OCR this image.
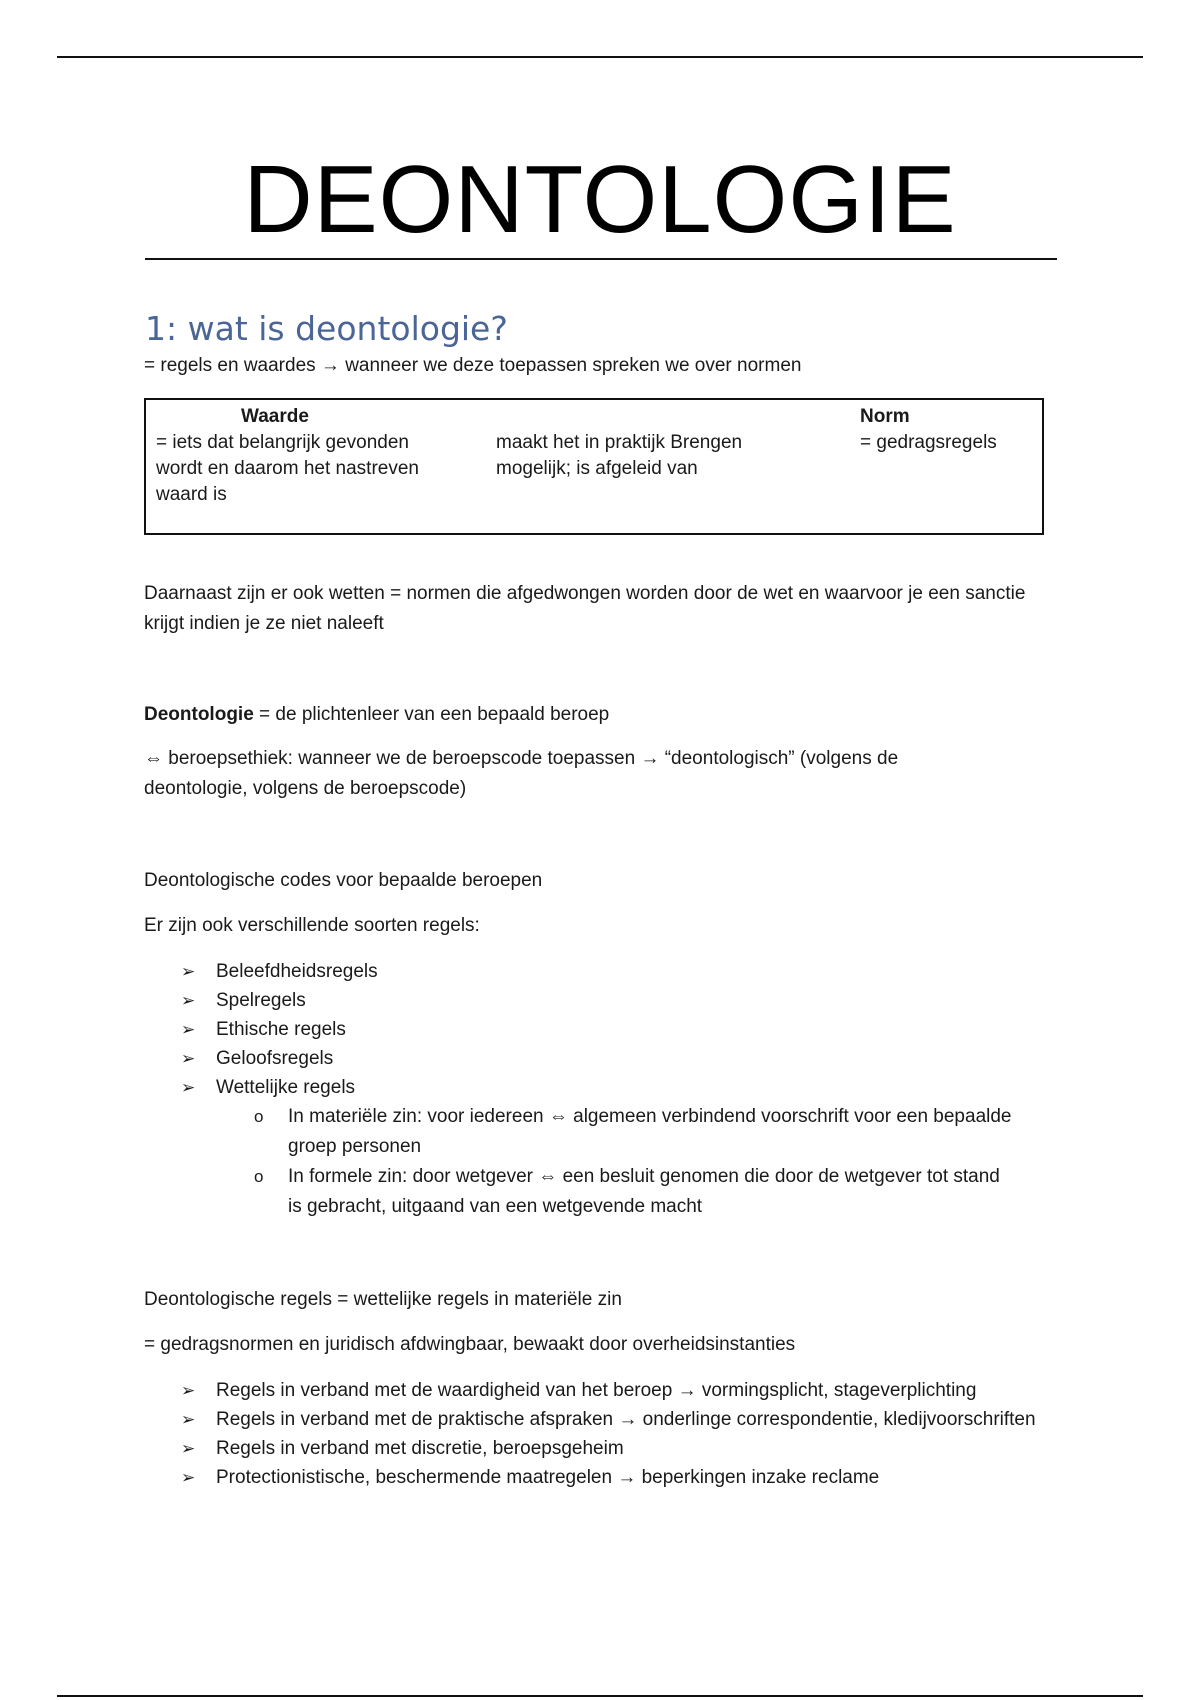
DEONTOLOGIE
1: wat is deontologie?
= regels en waardes → wanneer we deze toepassen spreken we over normen
Waarde
= iets dat belangrijk gevonden wordt en daarom het nastreven waard is
maakt het in praktijk Brengen mogelijk; is afgeleid van
Norm
= gedragsregels
Daarnaast zijn er ook wetten = normen die afgedwongen worden door de wet en waarvoor je een sanctie krijgt indien je ze niet naleeft
Deontologie = de plichtenleer van een bepaald beroep
⇔ beroepsethiek: wanneer we de beroepscode toepassen → “deontologisch” (volgens de deontologie, volgens de beroepscode)
Deontologische codes voor bepaalde beroepen
Er zijn ook verschillende soorten regels:
➢ Beleefdheidsregels
➢ Spelregels
➢ Ethische regels
➢ Geloofsregels
➢ Wettelijke regels
o In materiële zin: voor iedereen ⇔ algemeen verbindend voorschrift voor een bepaalde groep personen
o In formele zin: door wetgever ⇔ een besluit genomen die door de wetgever tot stand is gebracht, uitgaand van een wetgevende macht
Deontologische regels = wettelijke regels in materiële zin
= gedragsnormen en juridisch afdwingbaar, bewaakt door overheidsinstanties
➢ Regels in verband met de waardigheid van het beroep → vormingsplicht, stageverplichting
➢ Regels in verband met de praktische afspraken → onderlinge correspondentie, kledijvoorschriften
➢ Regels in verband met discretie, beroepsgeheim
➢ Protectionistische, beschermende maatregelen → beperkingen inzake reclame
